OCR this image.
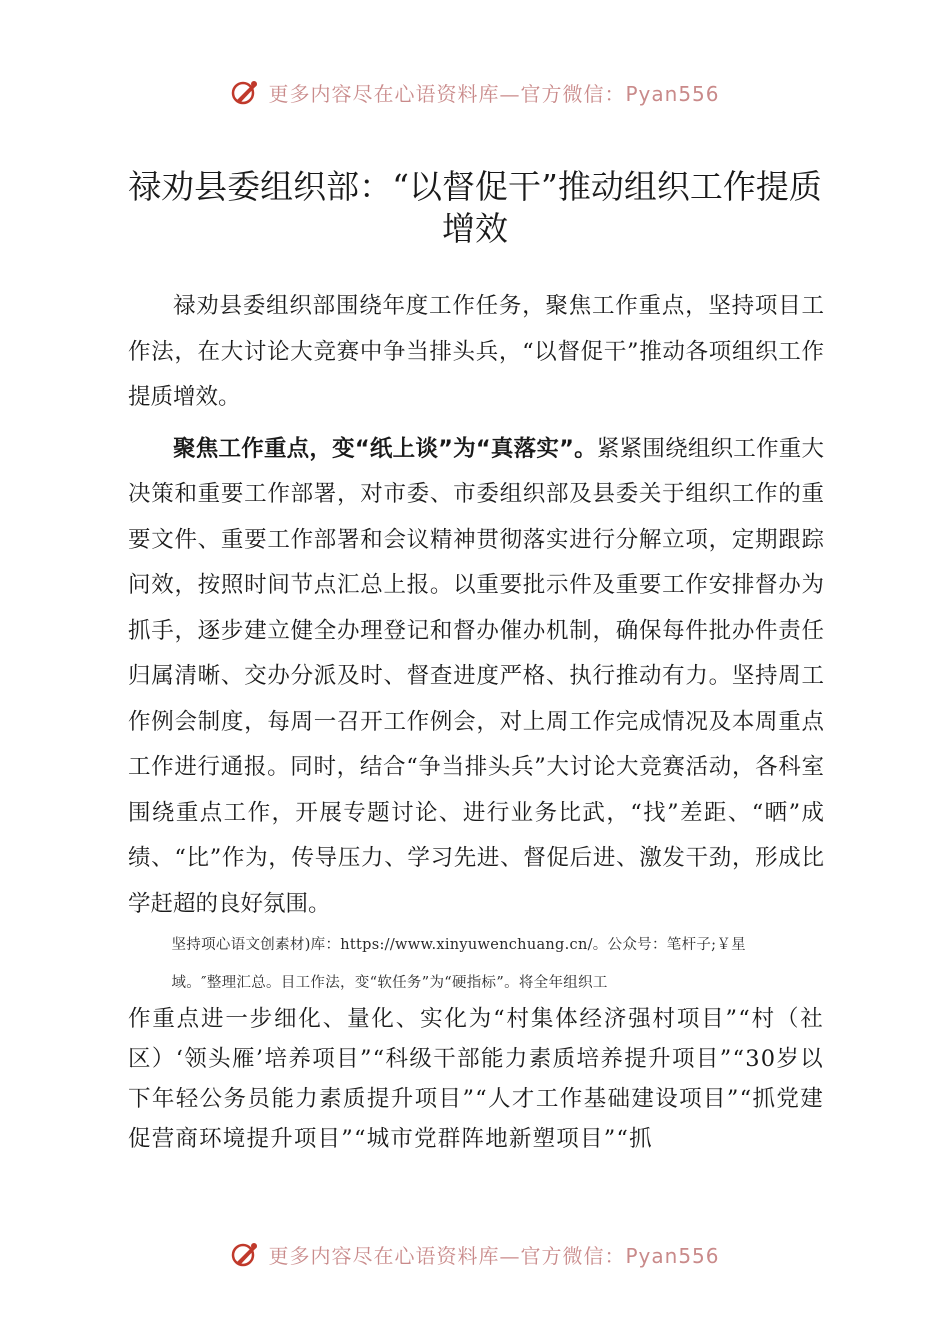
更多内容尽在心语资料库—官方微信：Pyan556
禄劝县委组织部：“以督促干”推动组织工作提质增效

禄劝县委组织部围绕年度工作任务，聚焦工作重点，坚持项目工作法，在大讨论大竞赛中争当排头兵，“以督促干”推动各项组织工作提质增效。

聚焦工作重点，变“纸上谈”为“真落实”。紧紧围绕组织工作重大决策和重要工作部署，对市委、市委组织部及县委关于组织工作的重要文件、重要工作部署和会议精神贯彻落实进行分解立项，定期跟踪问效，按照时间节点汇总上报。以重要批示件及重要工作安排督办为抓手，逐步建立健全办理登记和督办催办机制，确保每件批办件责任归属清晰、交办分派及时、督查进度严格、执行推动有力。坚持周工作例会制度，每周一召开工作例会，对上周工作完成情况及本周重点工作进行通报。同时，结合“争当排头兵”大讨论大竞赛活动，各科室围绕重点工作，开展专题讨论、进行业务比武，“找”差距、“晒”成绩、“比”作为，传导压力、学习先进、督促后进、激发干劲，形成比学赶超的良好氛围。

坚持项心语文创素材)库：https://www.xinyuwenchuang.cn/。公众号：笔杆子;￥星

域。″整理汇总。目工作法，变“软任务”为“硬指标”。将全年组织工

作重点进一步细化、量化、实化为“村集体经济强村项目”“村（社区）‘领头雁’培养项目”“科级干部能力素质培养提升项目”“30岁以下年轻公务员能力素质提升项目”“人才工作基础建设项目”“抓党建促营商环境提升项目”“城市党群阵地新塑项目”“抓

更多内容尽在心语资料库—官方微信：Pyan556
